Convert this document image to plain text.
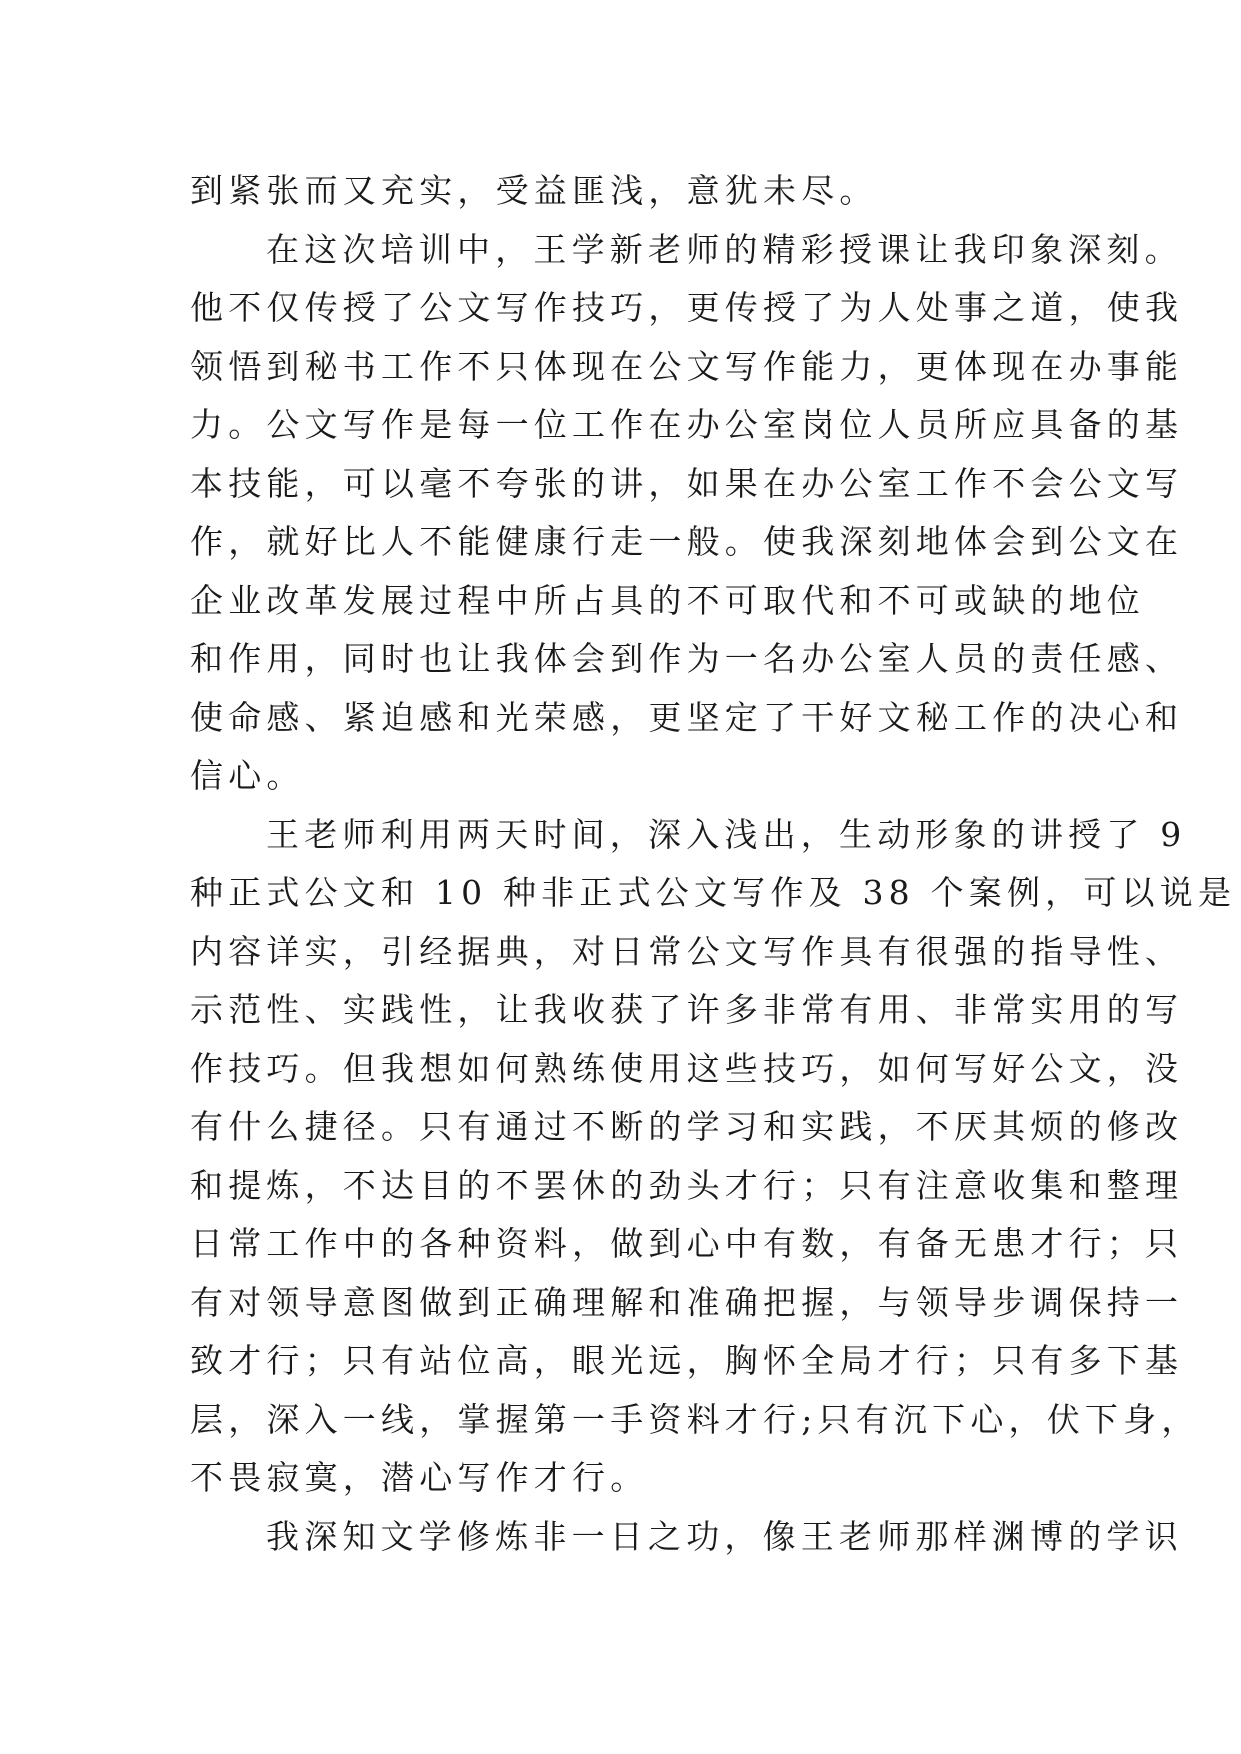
到紧张而又充实，受益匪浅，意犹未尽。
在这次培训中，王学新老师的精彩授课让我印象深刻。
他不仅传授了公文写作技巧，更传授了为人处事之道，使我
领悟到秘书工作不只体现在公文写作能力，更体现在办事能
力。公文写作是每一位工作在办公室岗位人员所应具备的基
本技能，可以毫不夸张的讲，如果在办公室工作不会公文写
作，就好比人不能健康行走一般。使我深刻地体会到公文在
企业改革发展过程中所占具的不可取代和不可或缺的地位
和作用，同时也让我体会到作为一名办公室人员的责任感、
使命感、紧迫感和光荣感，更坚定了干好文秘工作的决心和
信心。
王老师利用两天时间，深入浅出，生动形象的讲授了 9
种正式公文和 10 种非正式公文写作及 38 个案例，可以说是
内容详实，引经据典，对日常公文写作具有很强的指导性、
示范性、实践性，让我收获了许多非常有用、非常实用的写
作技巧。但我想如何熟练使用这些技巧，如何写好公文，没
有什么捷径。只有通过不断的学习和实践，不厌其烦的修改
和提炼，不达目的不罢休的劲头才行；只有注意收集和整理
日常工作中的各种资料，做到心中有数，有备无患才行；只
有对领导意图做到正确理解和准确把握，与领导步调保持一
致才行；只有站位高，眼光远，胸怀全局才行；只有多下基
层，深入一线，掌握第一手资料才行;只有沉下心，伏下身，
不畏寂寞，潜心写作才行。
我深知文学修炼非一日之功，像王老师那样渊博的学识
